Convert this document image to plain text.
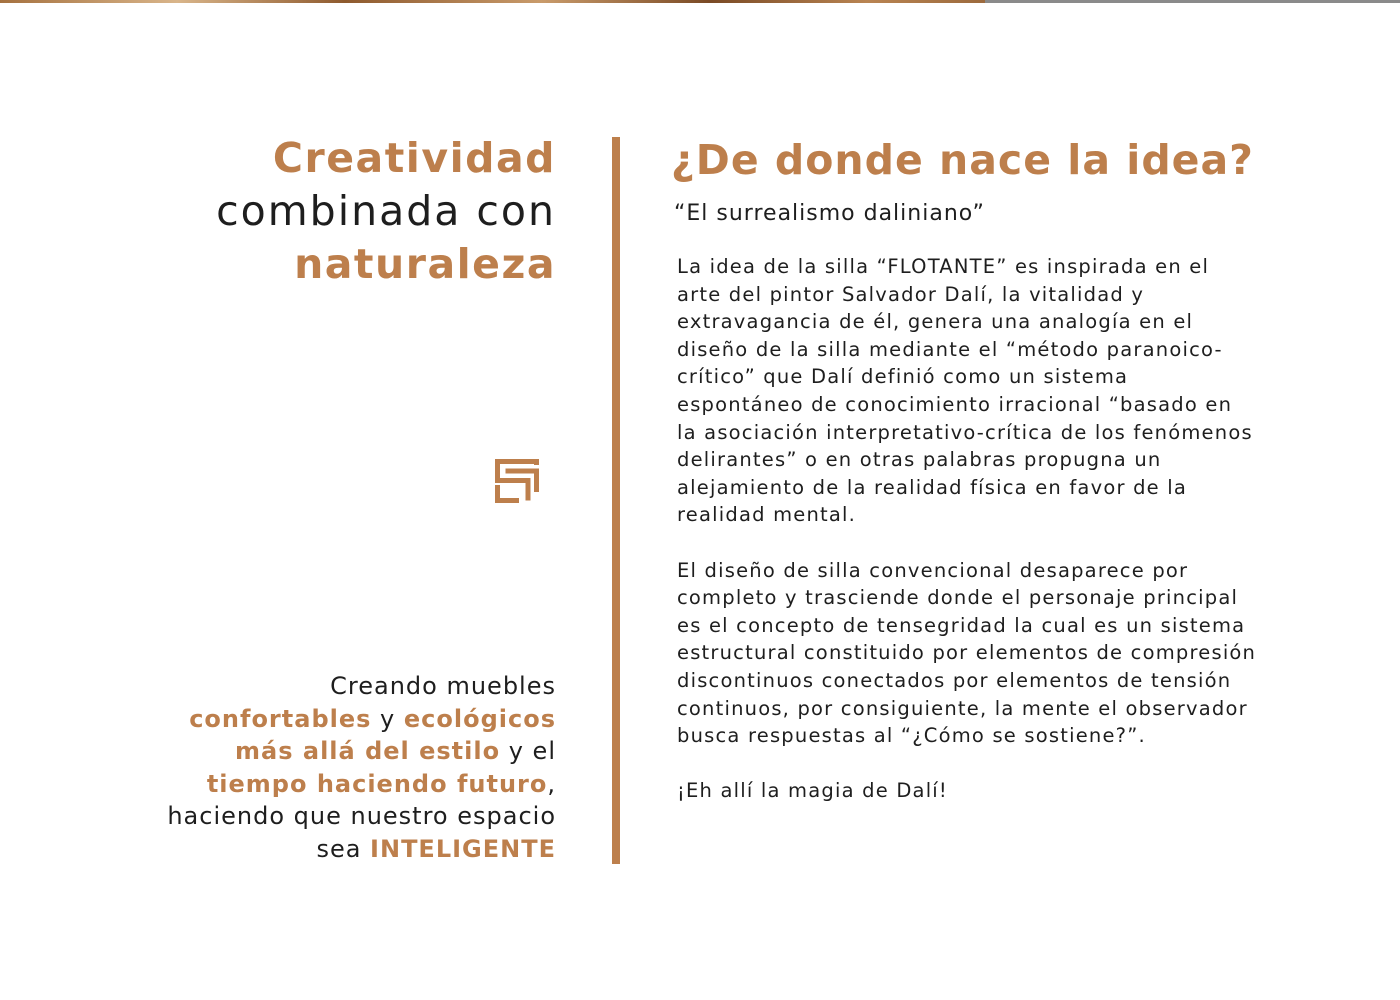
Creatividad
combinada con
naturaleza

Creando muebles
confortables y ecológicos
más allá del estilo y el
tiempo haciendo futuro,
haciendo que nuestro espacio
sea INTELIGENTE

¿De donde nace la idea?

“El surrealismo daliniano”

La idea de la silla “FLOTANTE” es inspirada en el arte del pintor Salvador Dalí, la vitalidad y extravagancia de él, genera una analogía en el diseño de la silla mediante el “método paranoico-crítico” que Dalí definió como un sistema espontáneo de conocimiento irracional “basado en la asociación interpretativo-crítica de los fenómenos delirantes” o en otras palabras propugna un alejamiento de la realidad física en favor de la realidad mental.

El diseño de silla convencional desaparece por completo y trasciende donde el personaje principal es el concepto de tensegridad la cual es un sistema estructural constituido por elementos de compresión discontinuos conectados por elementos de tensión continuos, por consiguiente, la mente el observador busca respuestas al “¿Cómo se sostiene?”.

¡Eh allí la magia de Dalí!
